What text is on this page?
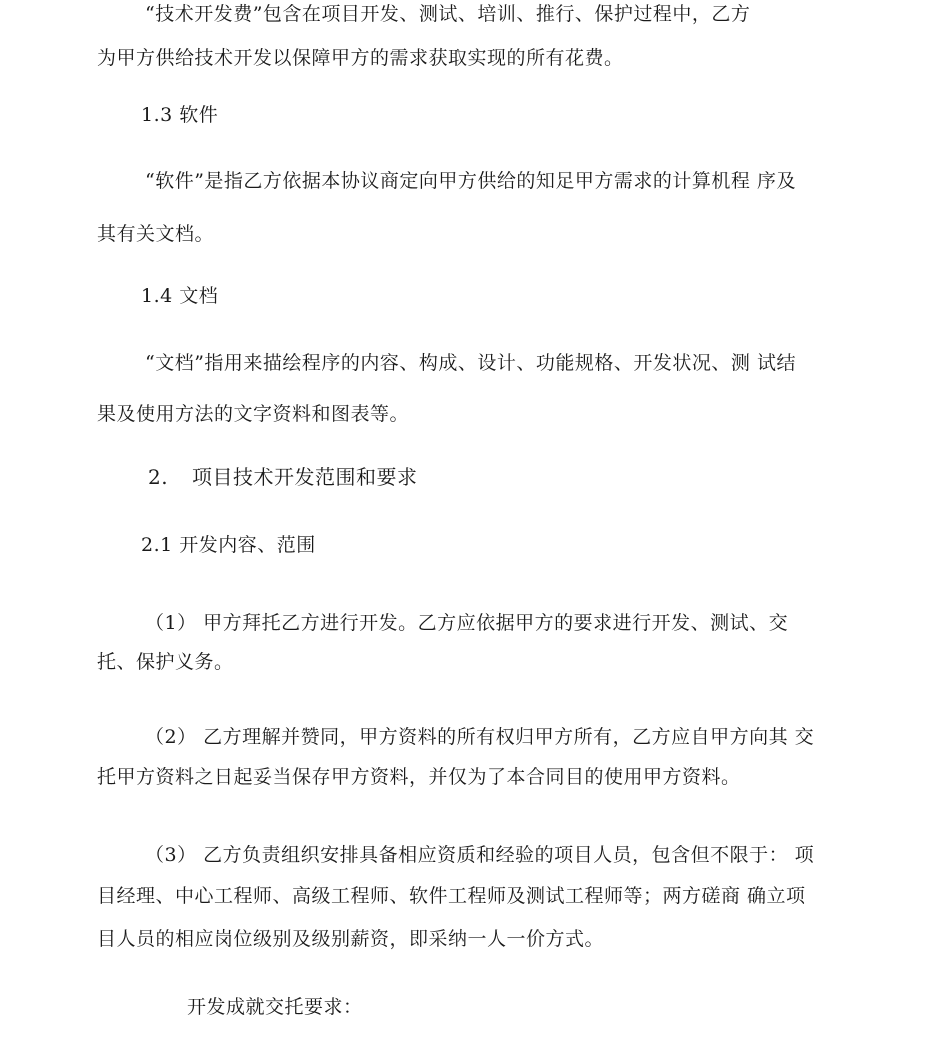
“技术开发费”包含在项目开发、测试、培训、推行、保护过程中，乙方
为甲方供给技术开发以保障甲方的需求获取实现的所有花费。
1.3 软件
“软件”是指乙方依据本协议商定向甲方供给的知足甲方需求的计算机程 序及
其有关文档。
1.4 文档
“文档”指用来描绘程序的内容、构成、设计、功能规格、开发状况、测 试结
果及使用方法的文字资料和图表等。
2. 项目技术开发范围和要求
2.1 开发内容、范围
（1） 甲方拜托乙方进行开发。乙方应依据甲方的要求进行开发、测试、交
托、保护义务。
（2） 乙方理解并赞同，甲方资料的所有权归甲方所有，乙方应自甲方向其 交
托甲方资料之日起妥当保存甲方资料，并仅为了本合同目的使用甲方资料。
（3） 乙方负责组织安排具备相应资质和经验的项目人员，包含但不限于： 项
目经理、中心工程师、高级工程师、软件工程师及测试工程师等；两方磋商 确立项
目人员的相应岗位级别及级别薪资，即采纳一人一价方式。
开发成就交托要求：
